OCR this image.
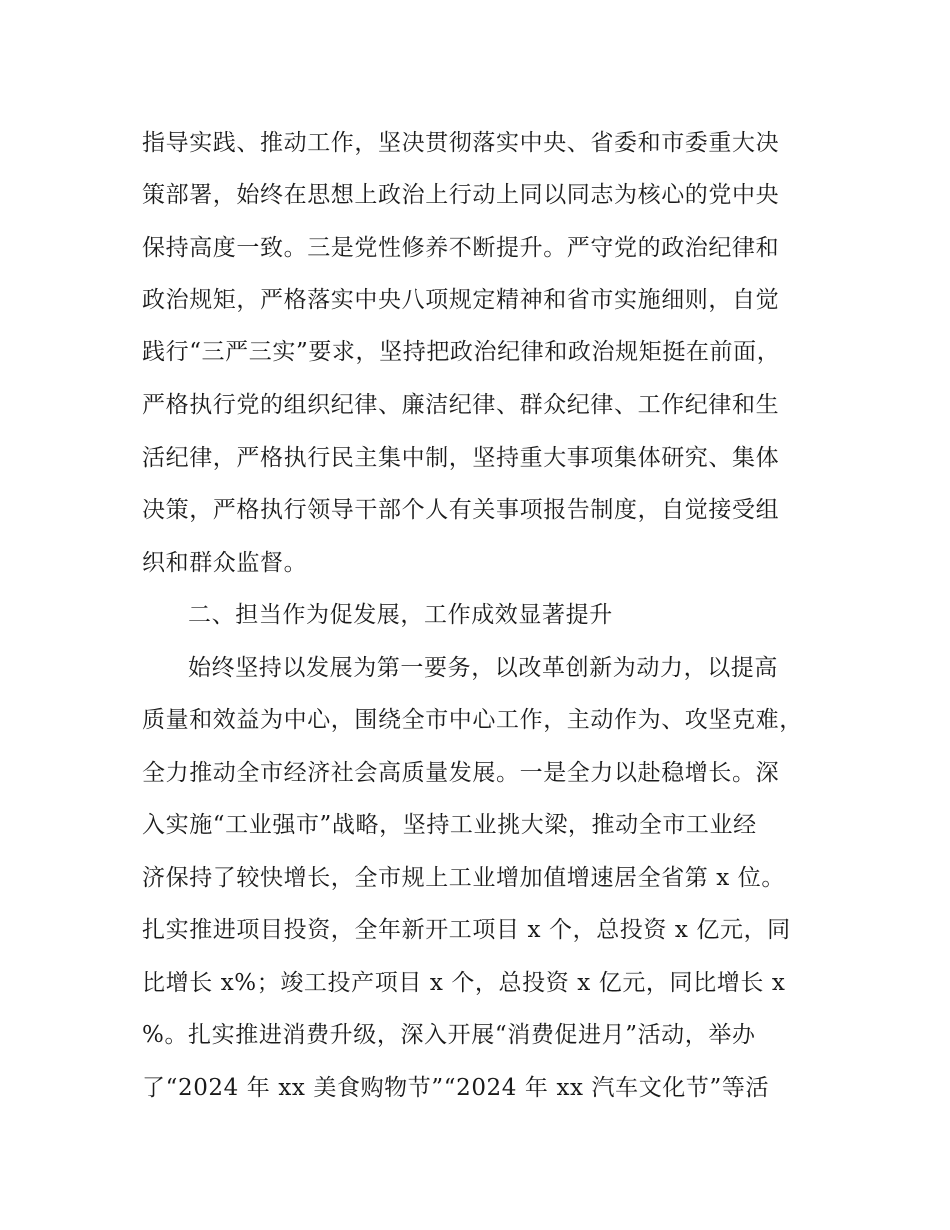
指导实践、推动工作，坚决贯彻落实中央、省委和市委重大决
策部署，始终在思想上政治上行动上同以同志为核心的党中央
保持高度一致。三是党性修养不断提升。严守党的政治纪律和
政治规矩，严格落实中央八项规定精神和省市实施细则，自觉
践行“三严三实”要求，坚持把政治纪律和政治规矩挺在前面，
严格执行党的组织纪律、廉洁纪律、群众纪律、工作纪律和生
活纪律，严格执行民主集中制，坚持重大事项集体研究、集体
决策，严格执行领导干部个人有关事项报告制度，自觉接受组
织和群众监督。
二、担当作为促发展，工作成效显著提升
始终坚持以发展为第一要务，以改革创新为动力，以提高
质量和效益为中心，围绕全市中心工作，主动作为、攻坚克难，
全力推动全市经济社会高质量发展。一是全力以赴稳增长。深
入实施“工业强市”战略，坚持工业挑大梁，推动全市工业经
济保持了较快增长，全市规上工业增加值增速居全省第 x 位。
扎实推进项目投资，全年新开工项目 x 个，总投资 x 亿元，同
比增长 x%；竣工投产项目 x 个，总投资 x 亿元，同比增长 x
%。扎实推进消费升级，深入开展“消费促进月”活动，举办
了“2024 年 xx 美食购物节”“2024 年 xx 汽车文化节”等活
